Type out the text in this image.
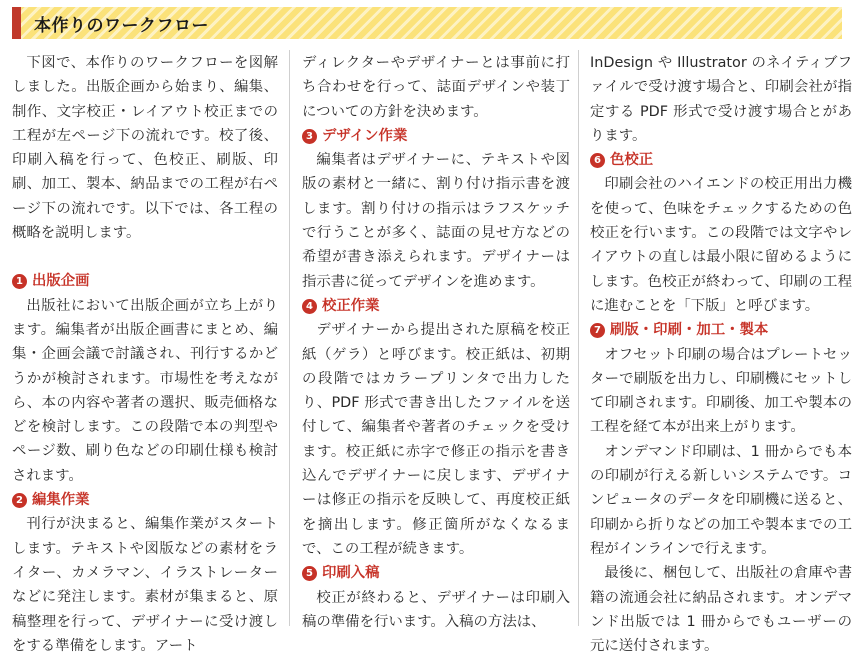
本作りのワークフロー

下図で、本作りのワークフローを図解しました。出版企画から始まり、編集、制作、文字校正・レイアウト校正までの工程が左ページ下の流れです。校了後、印刷入稿を行って、色校正、刷版、印刷、加工、製本、納品までの工程が右ページ下の流れです。以下では、各工程の概略を説明します。

1 出版企画

出版社において出版企画が立ち上がります。編集者が出版企画書にまとめ、編集・企画会議で討議され、刊行するかどうかが検討されます。市場性を考えながら、本の内容や著者の選択、販売価格などを検討します。この段階で本の判型やページ数、刷り色などの印刷仕様も検討されます。

2 編集作業

刊行が決まると、編集作業がスタートします。テキストや図版などの素材をライター、カメラマン、イラストレーターなどに発注します。素材が集まると、原稿整理を行って、デザイナーに受け渡しをする準備をします。アート

ディレクターやデザイナーとは事前に打ち合わせを行って、誌面デザインや装丁についての方針を決めます。

3 デザイン作業

編集者はデザイナーに、テキストや図版の素材と一緒に、割り付け指示書を渡します。割り付けの指示はラフスケッチで行うことが多く、誌面の見せ方などの希望が書き添えられます。デザイナーは指示書に従ってデザインを進めます。

4 校正作業

デザイナーから提出された原稿を校正紙（ゲラ）と呼びます。校正紙は、初期の段階ではカラープリンタで出力したり、PDF 形式で書き出したファイルを送付して、編集者や著者のチェックを受けます。校正紙に赤字で修正の指示を書き込んでデザイナーに戻します、デザイナーは修正の指示を反映して、再度校正紙を摘出します。修正箇所がなくなるまで、この工程が続きます。

5 印刷入稿

校正が終わると、デザイナーは印刷入稿の準備を行います。入稿の方法は、

InDesign や Illustrator のネイティブファイルで受け渡す場合と、印刷会社が指定する PDF 形式で受け渡す場合とがあります。

6 色校正

印刷会社のハイエンドの校正用出力機を使って、色味をチェックするための色校正を行います。この段階では文字やレイアウトの直しは最小限に留めるようにします。色校正が終わって、印刷の工程に進むことを「下版」と呼びます。

7 刷版・印刷・加工・製本

オフセット印刷の場合はプレートセッターで刷版を出力し、印刷機にセットして印刷されます。印刷後、加工や製本の工程を経て本が出来上がります。

オンデマンド印刷は、1 冊からでも本の印刷が行える新しいシステムです。コンピュータのデータを印刷機に送ると、印刷から折りなどの加工や製本までの工程がインラインで行えます。

最後に、梱包して、出版社の倉庫や書籍の流通会社に納品されます。オンデマンド出版では 1 冊からでもユーザーの元に送付されます。
